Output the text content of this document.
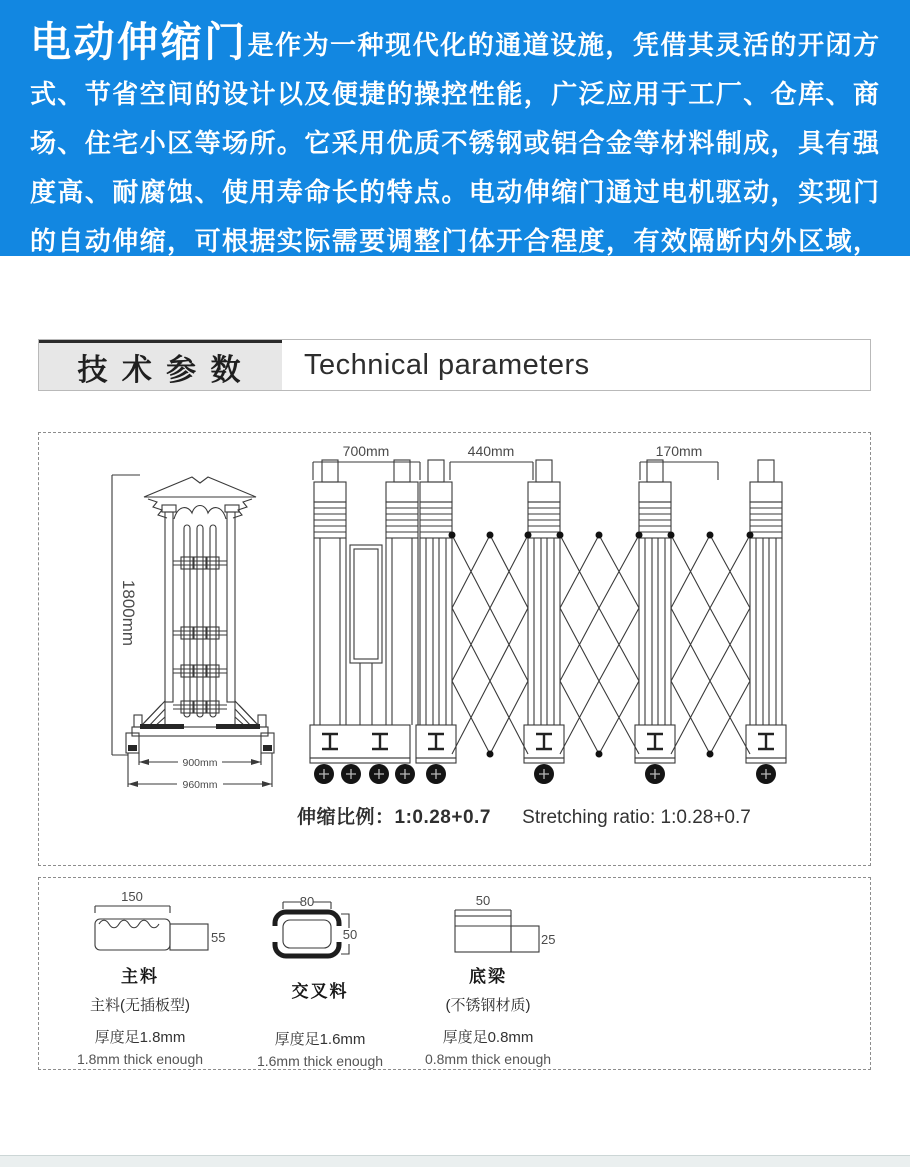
电动伸缩门是作为一种现代化的通道设施，凭借其灵活的开闭方式、节省空间的设计以及便捷的操控性能，广泛应用于工厂、仓库、商场、住宅小区等场所。它采用优质不锈钢或铝合金等材料制成，具有强度高、耐腐蚀、使用寿命长的特点。电动伸缩门通过电机驱动，实现门的自动伸缩，可根据实际需要调整门体开合程度，有效隔断内外区域，保障安全。

技 术 参 数	Technical parameters
1800mm
900mm
960mm
700mm	440mm	170mm
伸缩比例：1:0.28+0.7 Stretching ratio: 1:0.28+0.7
150
55
80
50
50
25
主料
主料(无插板型)
厚度足1.8mm
1.8mm thick enough
交叉料
厚度足1.6mm
1.6mm thick enough
底梁
(不锈钢材质)
厚度足0.8mm
0.8mm thick enough
